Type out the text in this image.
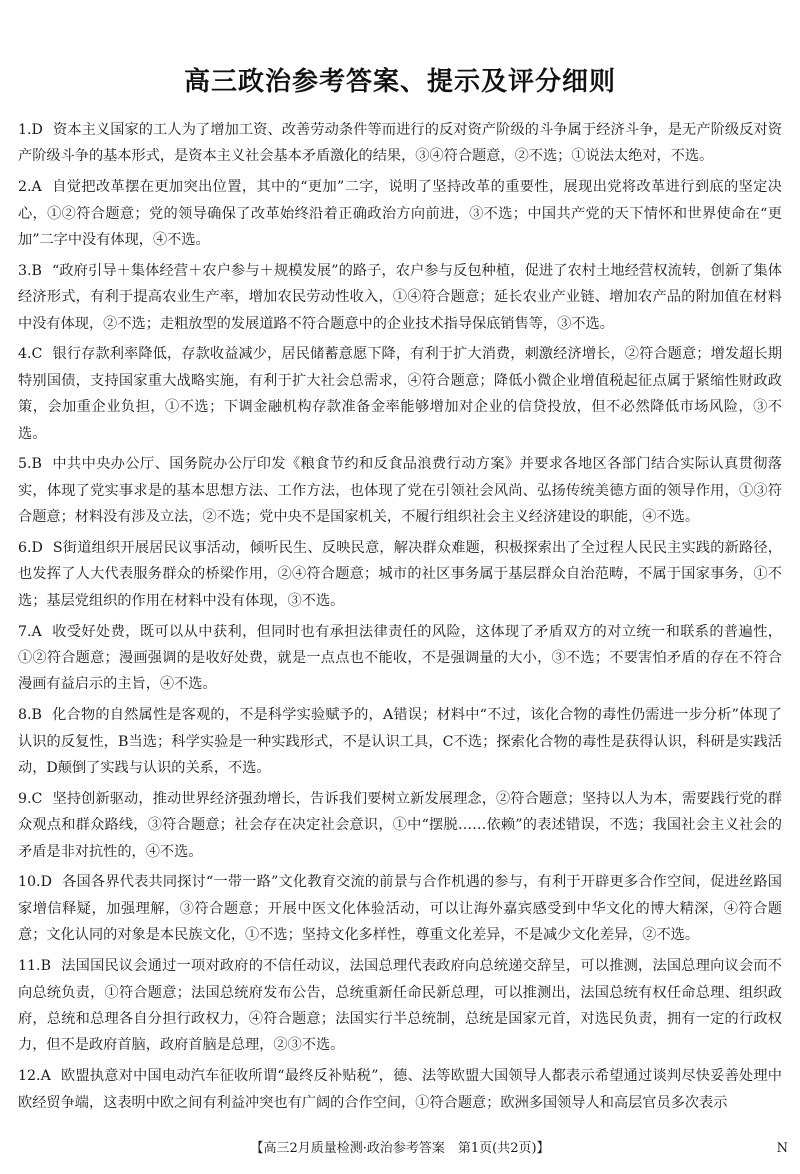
高三政治参考答案、提示及评分细则
1.D 资本主义国家的工人为了增加工资、改善劳动条件等而进行的反对资产阶级的斗争属于经济斗争，是无产阶级反对资产阶级斗争的基本形式，是资本主义社会基本矛盾激化的结果，③④符合题意，②不选；①说法太绝对，不选。
2.A 自觉把改革摆在更加突出位置，其中的“更加”二字，说明了坚持改革的重要性，展现出党将改革进行到底的坚定决心，①②符合题意；党的领导确保了改革始终沿着正确政治方向前进，③不选；中国共产党的天下情怀和世界使命在“更加”二字中没有体现，④不选。
3.B “政府引导＋集体经营＋农户参与＋规模发展”的路子，农户参与反包种植，促进了农村土地经营权流转，创新了集体经济形式，有利于提高农业生产率，增加农民劳动性收入，①④符合题意；延长农业产业链、增加农产品的附加值在材料中没有体现，②不选；走粗放型的发展道路不符合题意中的企业技术指导保底销售等，③不选。
4.C 银行存款利率降低，存款收益减少，居民储蓄意愿下降，有利于扩大消费，刺激经济增长，②符合题意；增发超长期特别国债，支持国家重大战略实施，有利于扩大社会总需求，④符合题意；降低小微企业增值税起征点属于紧缩性财政政策，会加重企业负担，①不选；下调金融机构存款准备金率能够增加对企业的信贷投放，但不必然降低市场风险，③不选。
5.B 中共中央办公厅、国务院办公厅印发《粮食节约和反食品浪费行动方案》并要求各地区各部门结合实际认真贯彻落实，体现了党实事求是的基本思想方法、工作方法，也体现了党在引领社会风尚、弘扬传统美德方面的领导作用，①③符合题意；材料没有涉及立法，②不选；党中央不是国家机关，不履行组织社会主义经济建设的职能，④不选。
6.D S街道组织开展居民议事活动，倾听民生、反映民意，解决群众难题，积极探索出了全过程人民民主实践的新路径，也发挥了人大代表服务群众的桥梁作用，②④符合题意；城市的社区事务属于基层群众自治范畴，不属于国家事务，①不选；基层党组织的作用在材料中没有体现，③不选。
7.A 收受好处费，既可以从中获利，但同时也有承担法律责任的风险，这体现了矛盾双方的对立统一和联系的普遍性，①②符合题意；漫画强调的是收好处费，就是一点点也不能收，不是强调量的大小，③不选；不要害怕矛盾的存在不符合漫画有益启示的主旨，④不选。
8.B 化合物的自然属性是客观的，不是科学实验赋予的，A错误；材料中“不过，该化合物的毒性仍需进一步分析”体现了认识的反复性，B当选；科学实验是一种实践形式，不是认识工具，C不选；探索化合物的毒性是获得认识，科研是实践活动，D颠倒了实践与认识的关系，不选。
9.C 坚持创新驱动，推动世界经济强劲增长，告诉我们要树立新发展理念，②符合题意；坚持以人为本，需要践行党的群众观点和群众路线，③符合题意；社会存在决定社会意识，①中“摆脱……依赖”的表述错误，不选；我国社会主义社会的矛盾是非对抗性的，④不选。
10.D 各国各界代表共同探讨“一带一路”文化教育交流的前景与合作机遇的参与，有利于开辟更多合作空间，促进丝路国家增信释疑，加强理解，③符合题意；开展中医文化体验活动，可以让海外嘉宾感受到中华文化的博大精深，④符合题意；文化认同的对象是本民族文化，①不选；坚持文化多样性，尊重文化差异，不是减少文化差异，②不选。
11.B 法国国民议会通过一项对政府的不信任动议，法国总理代表政府向总统递交辞呈，可以推测，法国总理向议会而不向总统负责，①符合题意；法国总统府发布公告，总统重新任命民新总理，可以推测出，法国总统有权任命总理、组织政府，总统和总理各自分担行政权力，④符合题意；法国实行半总统制，总统是国家元首，对选民负责，拥有一定的行政权力，但不是政府首脑，政府首脑是总理，②③不选。
12.A 欧盟执意对中国电动汽车征收所谓“最终反补贴税”，德、法等欧盟大国领导人都表示希望通过谈判尽快妥善处理中欧经贸争端，这表明中欧之间有利益冲突也有广阔的合作空间，①符合题意；欧洲多国领导人和高层官员多次表示
【高三2月质量检测·政治参考答案　第1页(共2页)】	N
